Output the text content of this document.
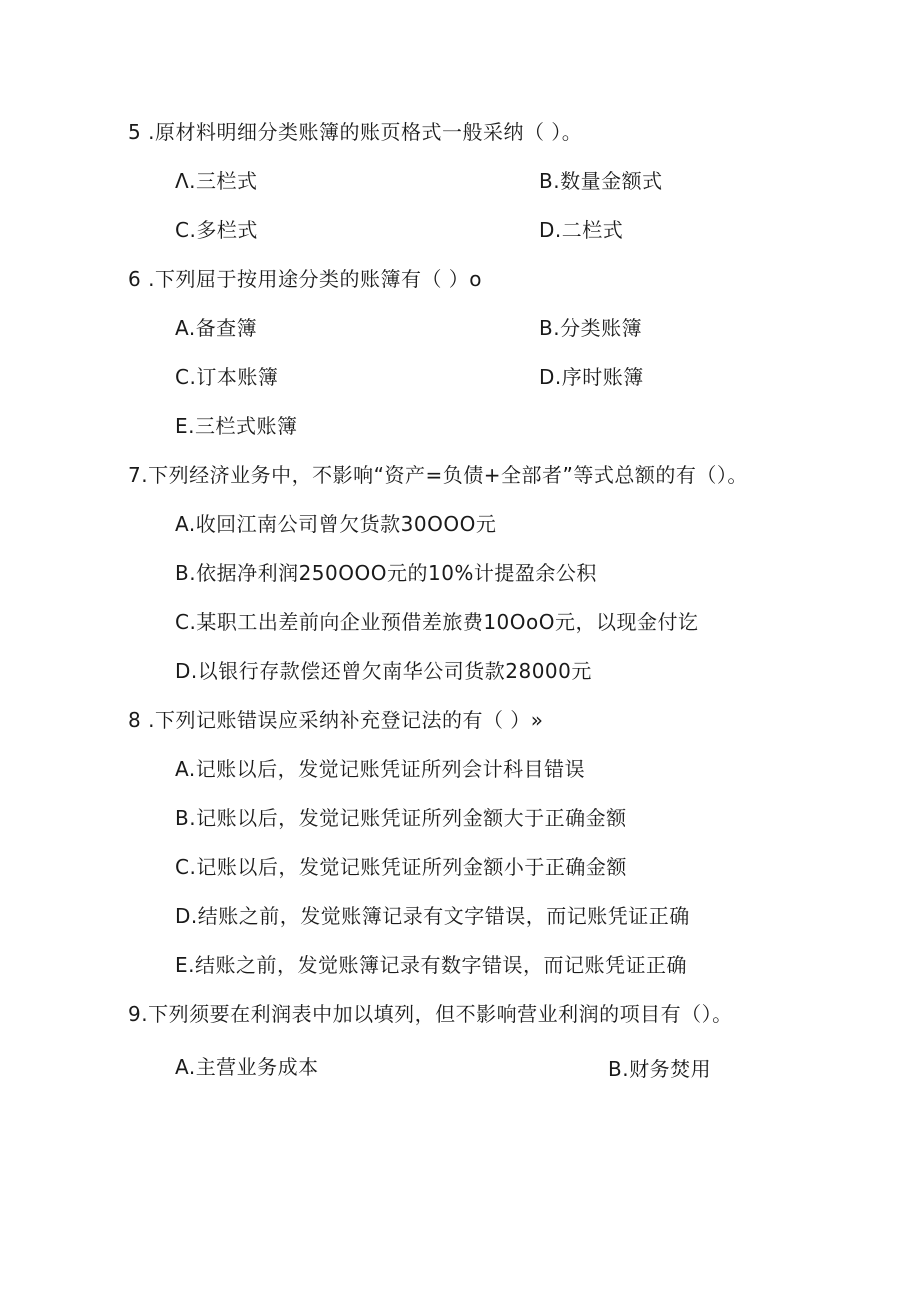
5 .原材料明细分类账簿的账页格式一般采纳（ ）。
Λ.三栏式	B.数量金额式
C.多栏式	D.二栏式
6 .下列屈于按用途分类的账簿有（ ）o
A.备查簿	B.分类账簿
C.订本账簿	D.序时账簿
E.三栏式账簿
7.下列经济业务中，不影响“资产=负债+全部者”等式总额的有（）。
A.收回江南公司曾欠货款30OOO元
B.依据净利润250OOO元的10%计提盈余公积
C.某职工出差前向企业预借差旅费10OoO元，以现金付讫
D.以银行存款偿还曾欠南华公司货款28000元
8 .下列记账错误应采纳补充登记法的有（ ）»
A.记账以后，发觉记账凭证所列会计科目错误
B.记账以后，发觉记账凭证所列金额大于正确金额
C.记账以后，发觉记账凭证所列金额小于正确金额
D.结账之前，发觉账簿记录有文字错误，而记账凭证正确
E.结账之前，发觉账簿记录有数字错误，而记账凭证正确
9.下列须要在利润表中加以填列，但不影响营业利润的项目有（）。
A.主营业务成本	B.财务焚用
